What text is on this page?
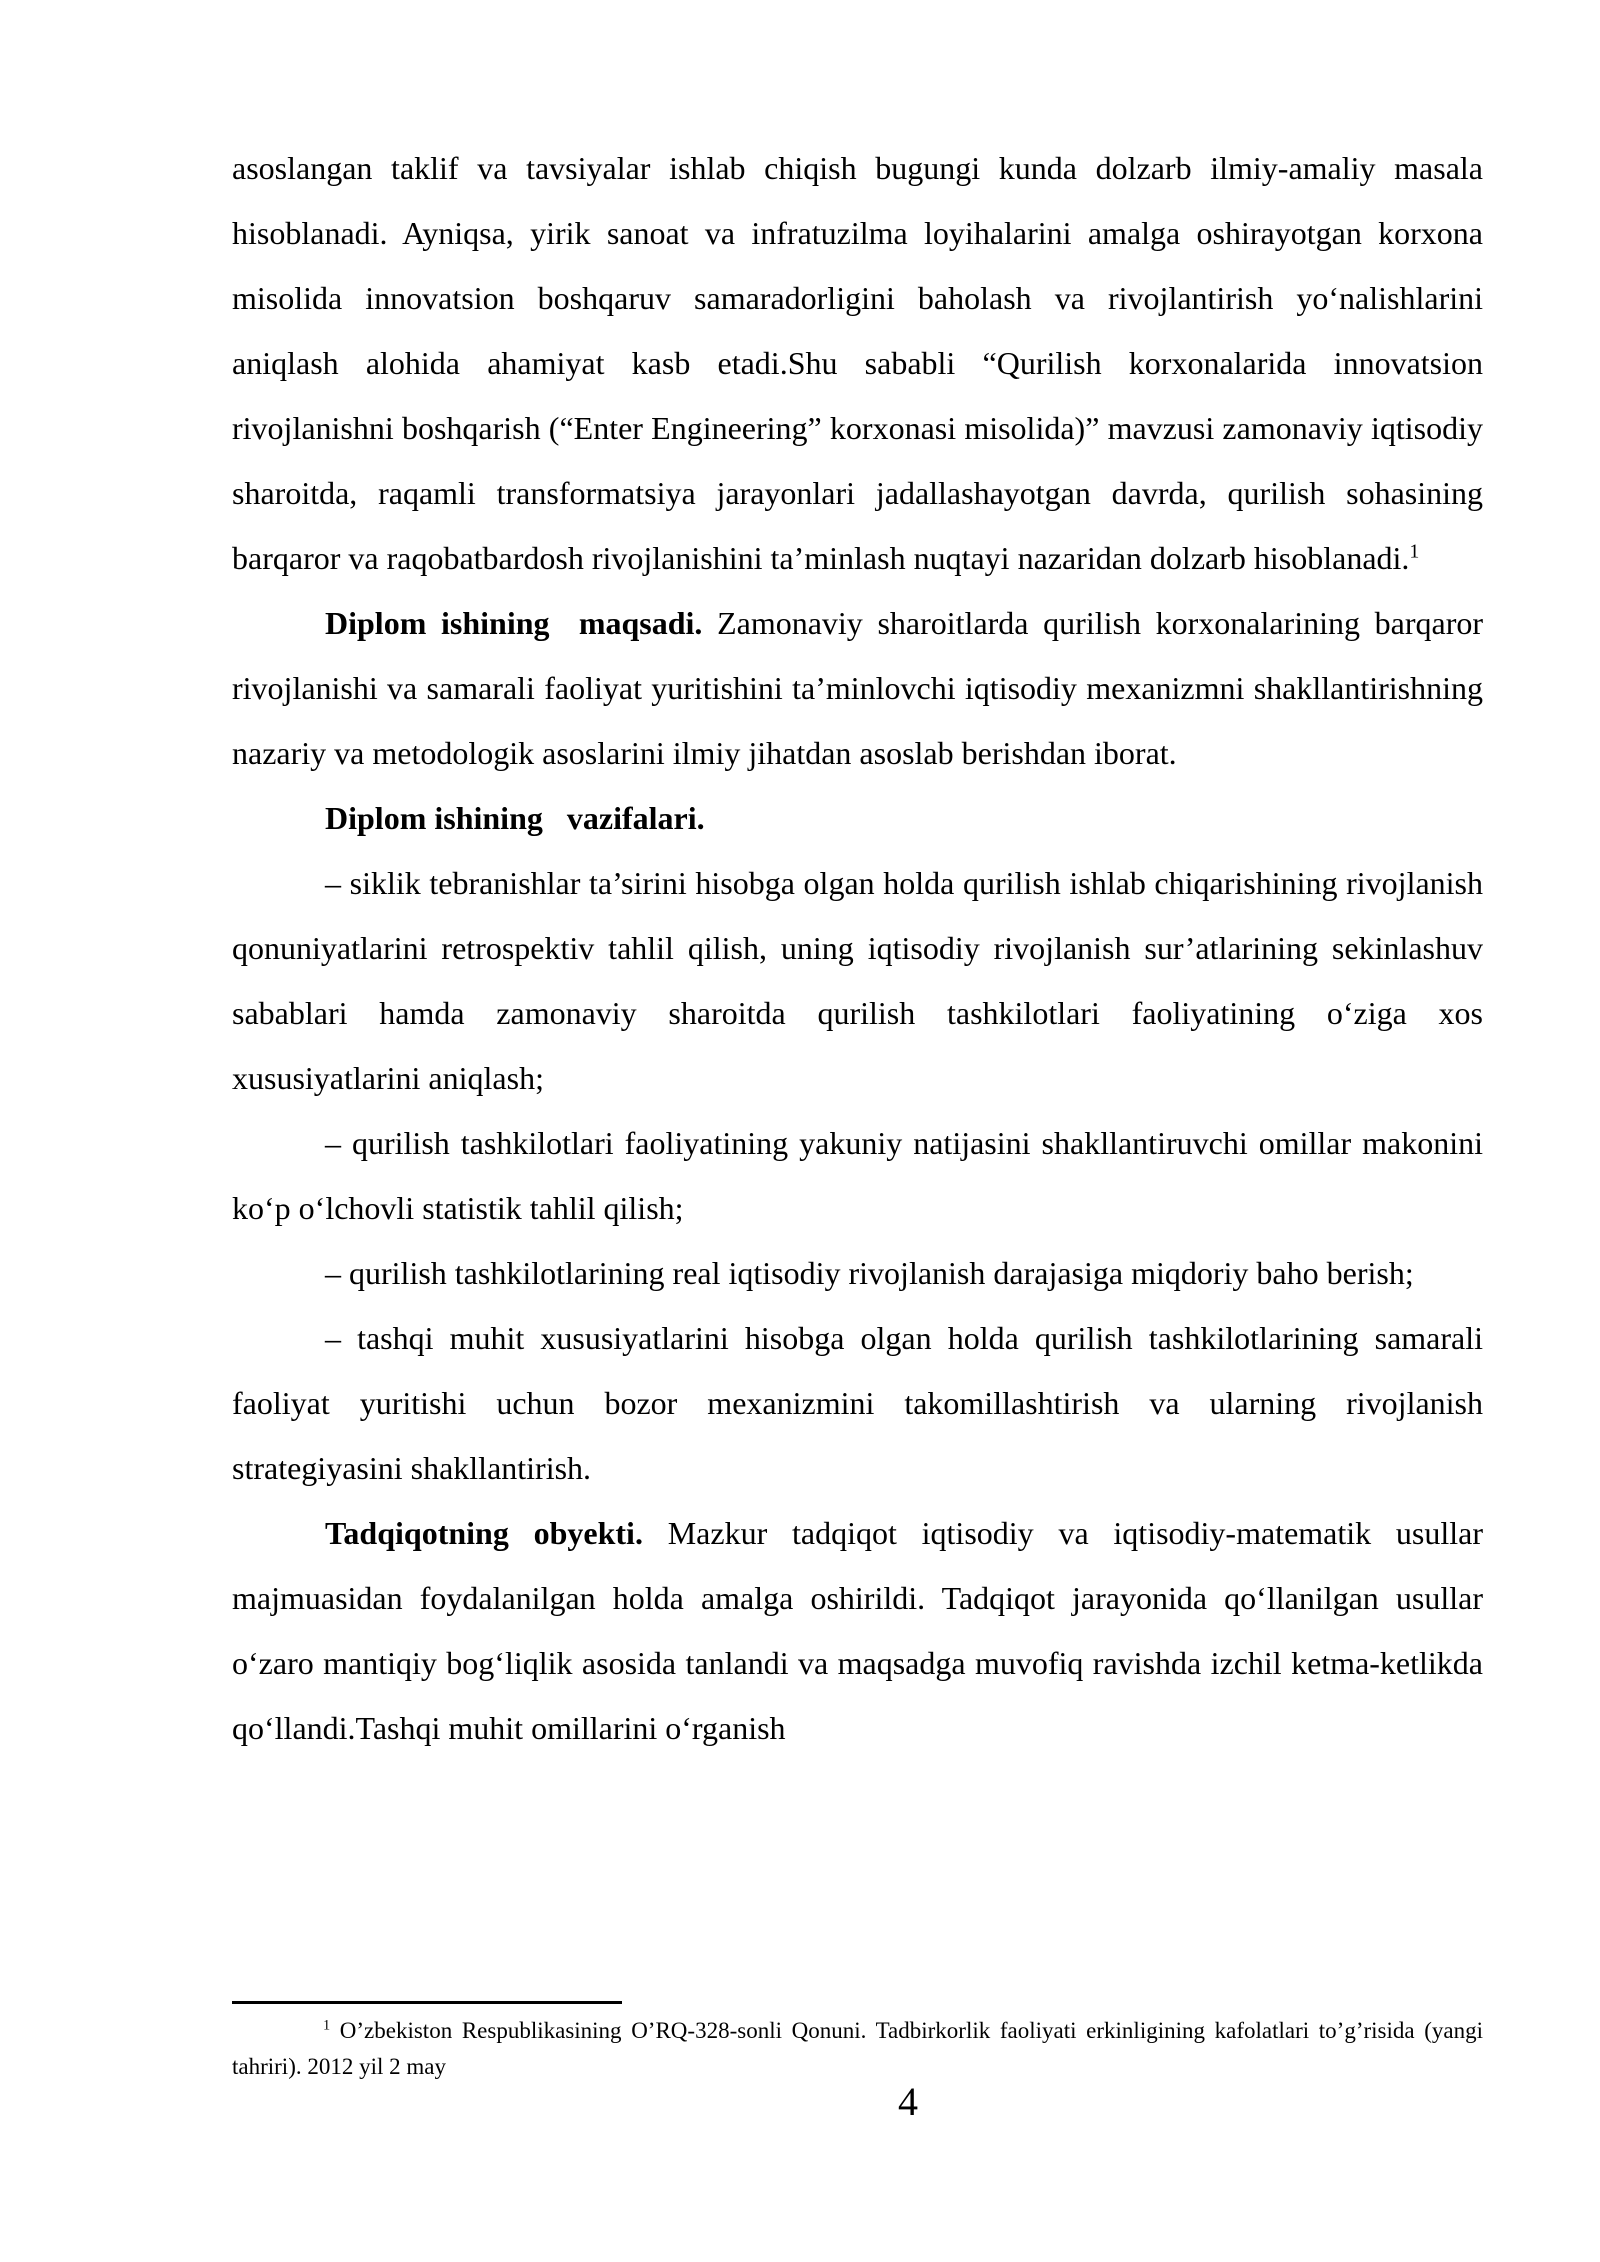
asoslangan taklif va tavsiyalar ishlab chiqish bugungi kunda dolzarb ilmiy-amaliy masala hisoblanadi. Ayniqsa, yirik sanoat va infratuzilma loyihalarini amalga oshirayotgan korxona misolida innovatsion boshqaruv samaradorligini baholash va rivojlantirish yo‘nalishlarini aniqlash alohida ahamiyat kasb etadi.Shu sababli “Qurilish korxonalarida innovatsion rivojlanishni boshqarish (“Enter Engineering” korxonasi misolida)” mavzusi zamonaviy iqtisodiy sharoitda, raqamli transformatsiya jarayonlari jadallashayotgan davrda, qurilish sohasining barqaror va raqobatbardosh rivojlanishini ta’minlash nuqtayi nazaridan dolzarb hisoblanadi.$^1$

Diplom ishining  maqsadi. Zamonaviy sharoitlarda qurilish korxonalarining barqaror rivojlanishi va samarali faoliyat yuritishini ta’minlovchi iqtisodiy mexanizmni shakllantirishning nazariy va metodologik asoslarini ilmiy jihatdan asoslab berishdan iborat.

Diplom ishining   vazifalari.

– siklik tebranishlar ta’sirini hisobga olgan holda qurilish ishlab chiqarishining rivojlanish qonuniyatlarini retrospektiv tahlil qilish, uning iqtisodiy rivojlanish sur’atlarining sekinlashuv sabablari hamda zamonaviy sharoitda qurilish tashkilotlari faoliyatining o‘ziga xos xususiyatlarini aniqlash;

– qurilish tashkilotlari faoliyatining yakuniy natijasini shakllantiruvchi omillar makonini ko‘p o‘lchovli statistik tahlil qilish;

– qurilish tashkilotlarining real iqtisodiy rivojlanish darajasiga miqdoriy baho berish;

– tashqi muhit xususiyatlarini hisobga olgan holda qurilish tashkilotlarining samarali faoliyat yuritishi uchun bozor mexanizmini takomillashtirish va ularning rivojlanish strategiyasini shakllantirish.

Tadqiqotning obyekti. Mazkur tadqiqot iqtisodiy va iqtisodiy-matematik usullar majmuasidan foydalanilgan holda amalga oshirildi. Tadqiqot jarayonida qo‘llanilgan usullar o‘zaro mantiqiy bog‘liqlik asosida tanlandi va maqsadga muvofiq ravishda izchil ketma-ketlikda qo‘llandi.Tashqi muhit omillarini o‘rganish

$^1$ O’zbekiston Respublikasining O’RQ-328-sonli Qonuni. Tadbirkorlik faoliyati erkinligining kafolatlari to’g’risida (yangi tahriri). 2012 yil 2 may
4
